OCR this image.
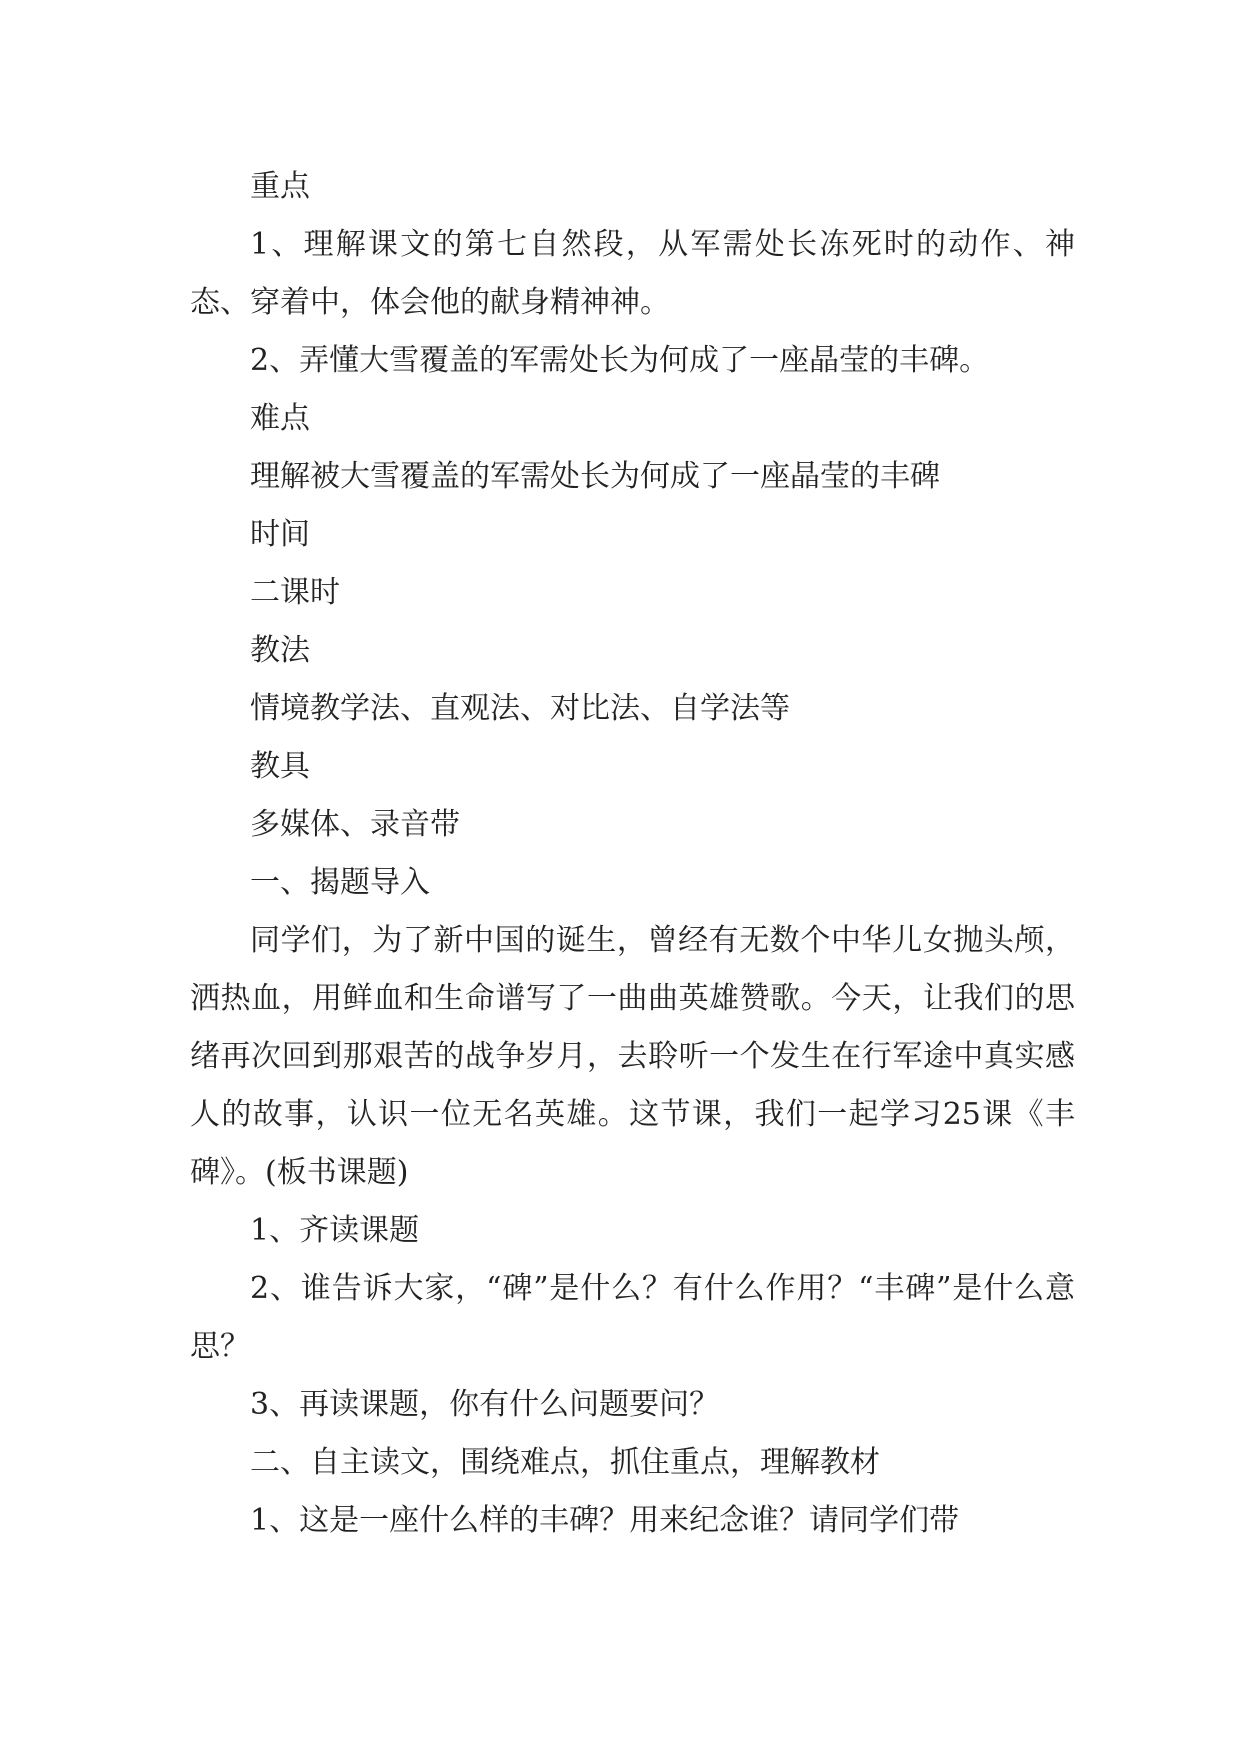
重点

1、理解课文的第七自然段，从军需处长冻死时的动作、神态、穿着中，体会他的献身精神神。

2、弄懂大雪覆盖的军需处长为何成了一座晶莹的丰碑。

难点

理解被大雪覆盖的军需处长为何成了一座晶莹的丰碑

时间

二课时

教法

情境教学法、直观法、对比法、自学法等

教具

多媒体、录音带

一、揭题导入

同学们，为了新中国的诞生，曾经有无数个中华儿女抛头颅，洒热血，用鲜血和生命谱写了一曲曲英雄赞歌。今天，让我们的思绪再次回到那艰苦的战争岁月，去聆听一个发生在行军途中真实感人的故事，认识一位无名英雄。这节课，我们一起学习25课《丰碑》。(板书课题)

1、齐读课题

2、谁告诉大家，“碑”是什么？有什么作用？“丰碑”是什么意思？

3、再读课题，你有什么问题要问？

二、自主读文，围绕难点，抓住重点，理解教材

1、这是一座什么样的丰碑？用来纪念谁？请同学们带
